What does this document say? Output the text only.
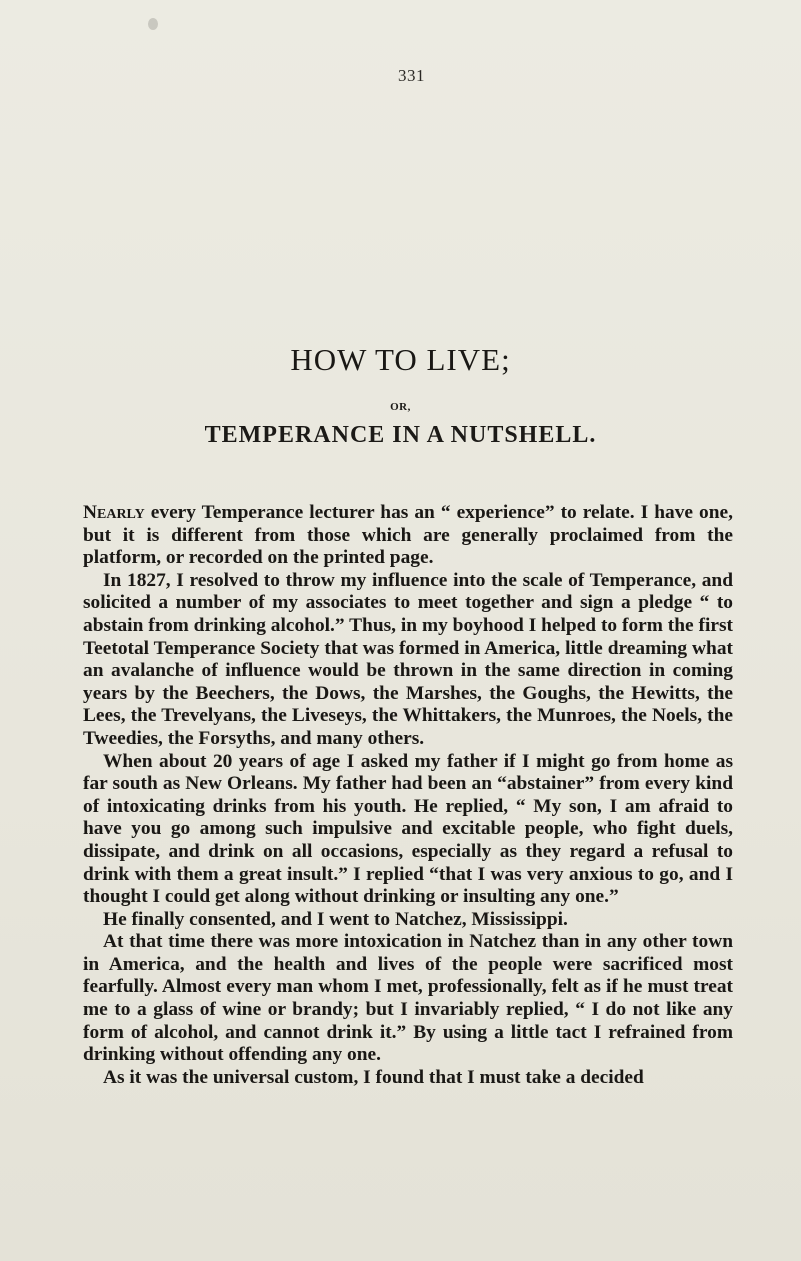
331
HOW TO LIVE;
OR,
TEMPERANCE IN A NUTSHELL.

Nearly every Temperance lecturer has an “ experience” to relate. I have one, but it is different from those which are generally proclaimed from the platform, or recorded on the printed page.

In 1827, I resolved to throw my influence into the scale of Temperance, and solicited a number of my associates to meet together and sign a pledge “ to abstain from drinking alcohol.” Thus, in my boyhood I helped to form the first Teetotal Temperance Society that was formed in America, little dreaming what an avalanche of influence would be thrown in the same direction in coming years by the Beechers, the Dows, the Marshes, the Goughs, the Hewitts, the Lees, the Trevelyans, the Liveseys, the Whittakers, the Munroes, the Noels, the Tweedies, the Forsyths, and many others.

When about 20 years of age I asked my father if I might go from home as far south as New Orleans. My father had been an “abstainer” from every kind of intoxicating drinks from his youth. He replied, “ My son, I am afraid to have you go among such impulsive and excitable people, who fight duels, dissipate, and drink on all occasions, especially as they regard a refusal to drink with them a great insult.” I replied “that I was very anxious to go, and I thought I could get along without drinking or insulting any one.”

He finally consented, and I went to Natchez, Mississippi.

At that time there was more intoxication in Natchez than in any other town in America, and the health and lives of the people were sacrificed most fearfully. Almost every man whom I met, professionally, felt as if he must treat me to a glass of wine or brandy; but I invariably replied, “ I do not like any form of alcohol, and cannot drink it.” By using a little tact I refrained from drinking without offending any one.

As it was the universal custom, I found that I must take a decided
